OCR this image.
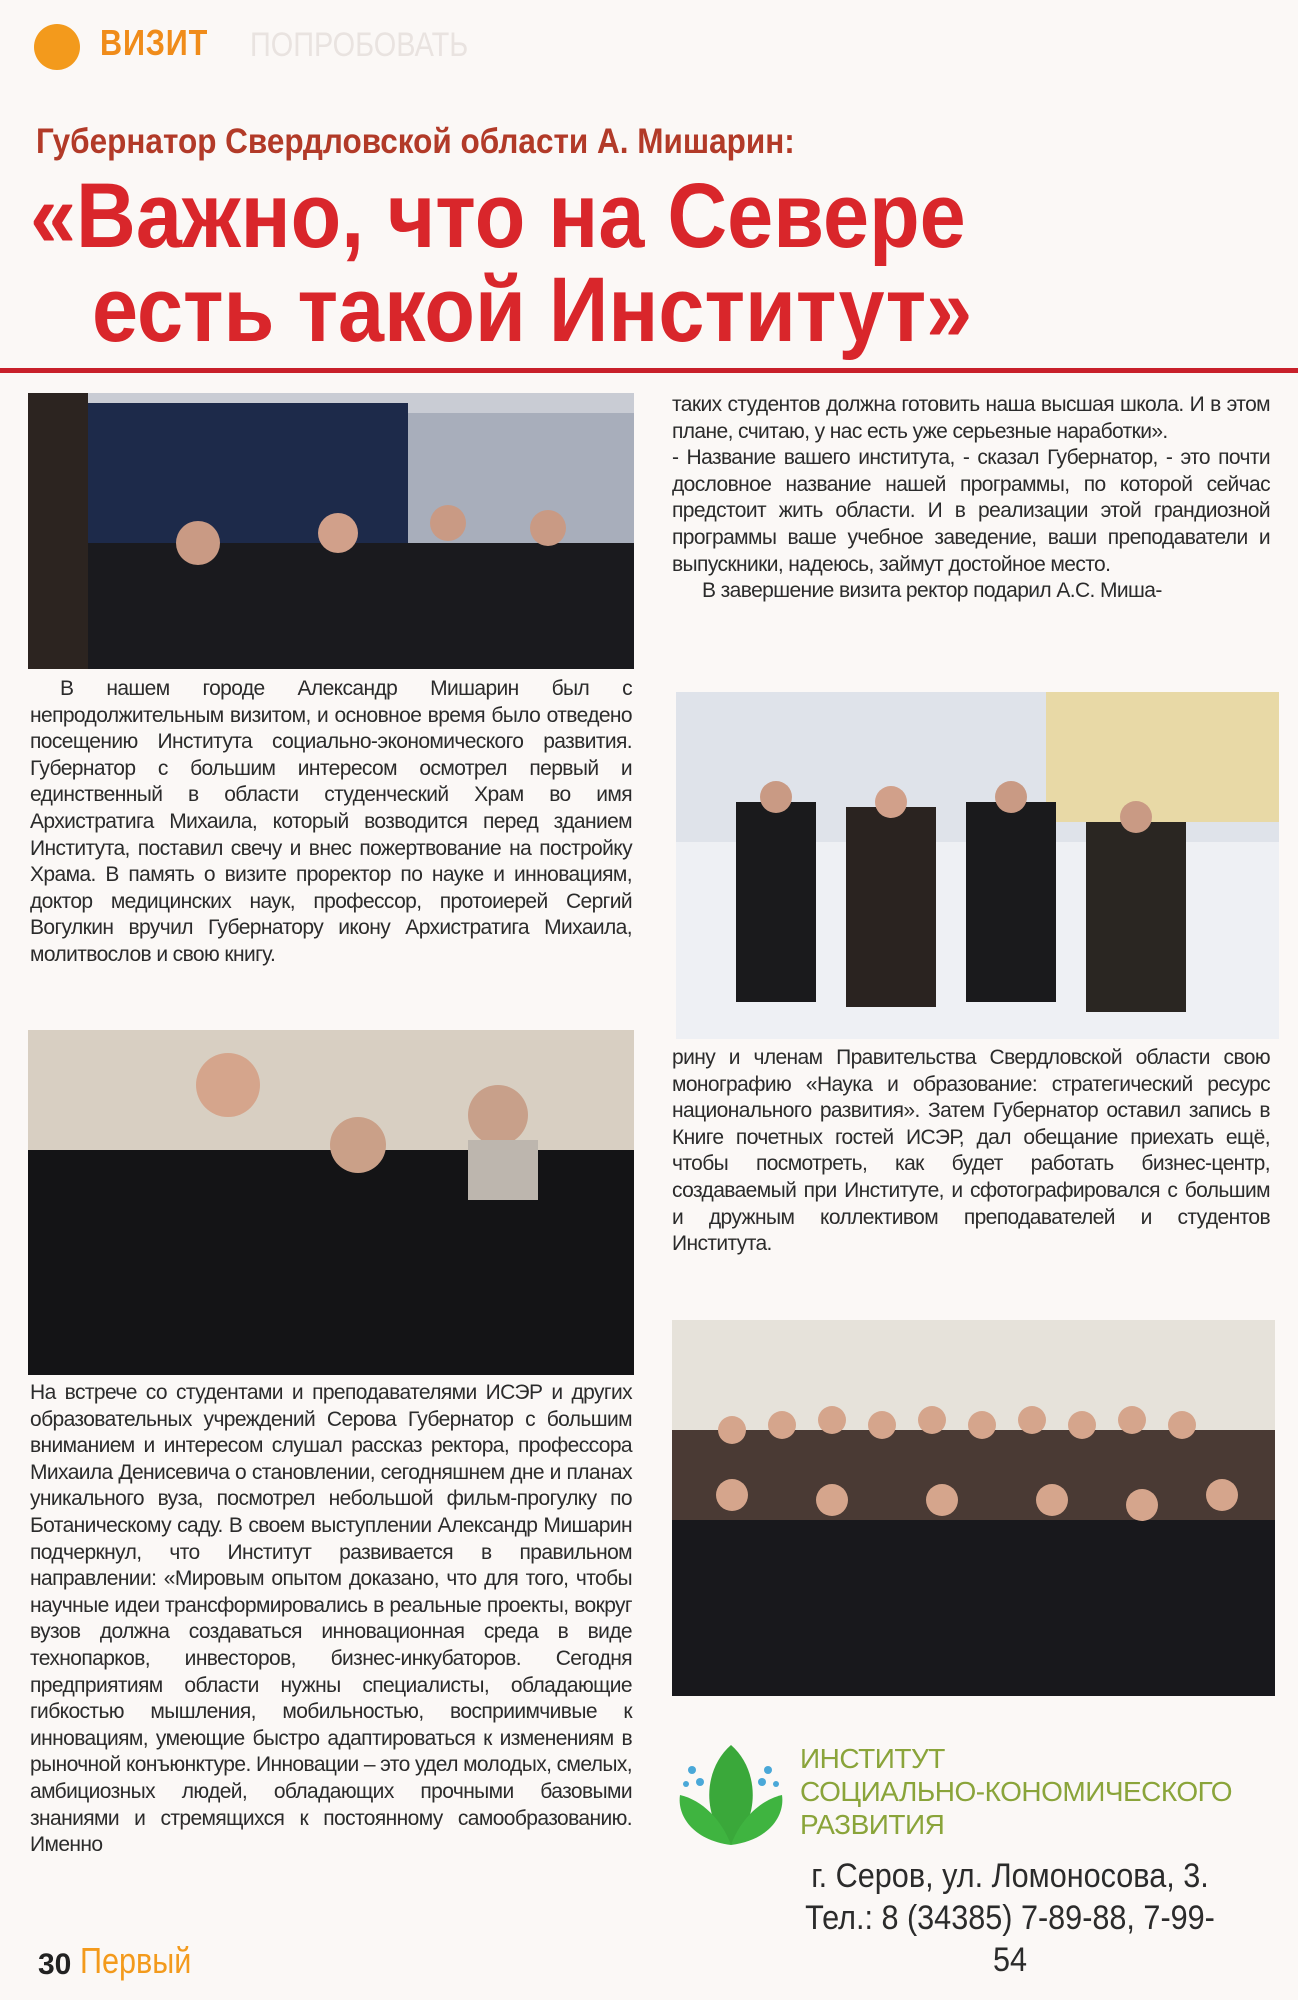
ВИЗИТ ПОПРОБОВАТЬ
Губернатор Свердловской области А. Мишарин:
«Важно, что на Севере
есть такой Институт»

В нашем городе Александр Мишарин был с непродолжительным визитом, и основное время было отведено посещению Института социально-экономического развития. Губернатор с большим интересом осмотрел первый и единственный в области студенческий Храм во имя Архистратига Михаила, который возводится перед зданием Института, поставил свечу и внес пожертвование на постройку Храма. В память о визите проректор по науке и инновациям, доктор медицинских наук, профессор, протоиерей Сергий Вогулкин вручил Губернатору икону Архистратига Михаила, молитвослов и свою книгу.

На встрече со студентами и преподавателями ИСЭР и других образовательных учреждений Серова Губернатор с большим вниманием и интересом слушал рассказ ректора, профессора Михаила Денисевича о становлении, сегодняшнем дне и планах уникального вуза, посмотрел небольшой фильм-прогулку по Ботаническому саду. В своем выступлении Александр Мишарин подчеркнул, что Институт развивается в правильном направлении: «Мировым опытом доказано, что для того, чтобы научные идеи трансформировались в реальные проекты, вокруг вузов должна создаваться инновационная среда в виде технопарков, инвесторов, бизнес-инкубаторов. Сегодня предприятиям области нужны специалисты, обладающие гибкостью мышления, мобильностью, восприимчивые к инновациям, умеющие быстро адаптироваться к изменениям в рыночной конъюнктуре. Инновации – это удел молодых, смелых, амбициозных людей, обладающих прочными базовыми знаниями и стремящихся к постоянному самообразованию. Именно

таких студентов должна готовить наша высшая школа. И в этом плане, считаю, у нас есть уже серьезные наработки».

- Название вашего института, - сказал Губернатор, - это почти дословное название нашей программы, по которой сейчас предстоит жить области. И в реализации этой грандиозной программы ваше учебное заведение, ваши преподаватели и выпускники, надеюсь, займут достойное место.

В завершение визита ректор подарил А.С. Миша-

рину и членам Правительства Свердловской области свою монографию «Наука и образование: стратегический ресурс национального развития». Затем Губернатор оставил запись в Книге почетных гостей ИСЭР, дал обещание приехать ещё, чтобы посмотреть, как будет работать бизнес-центр, создаваемый при Институте, и сфотографировался с большим и дружным коллективом преподавателей и студентов Института.

ИНСТИТУТ
СОЦИАЛЬНО-КОНОМИЧЕСКОГО
РАЗВИТИЯ
г. Серов, ул. Ломоносова, 3.
Тел.: 8 (34385) 7-89-88, 7-99-54
30 Первый
